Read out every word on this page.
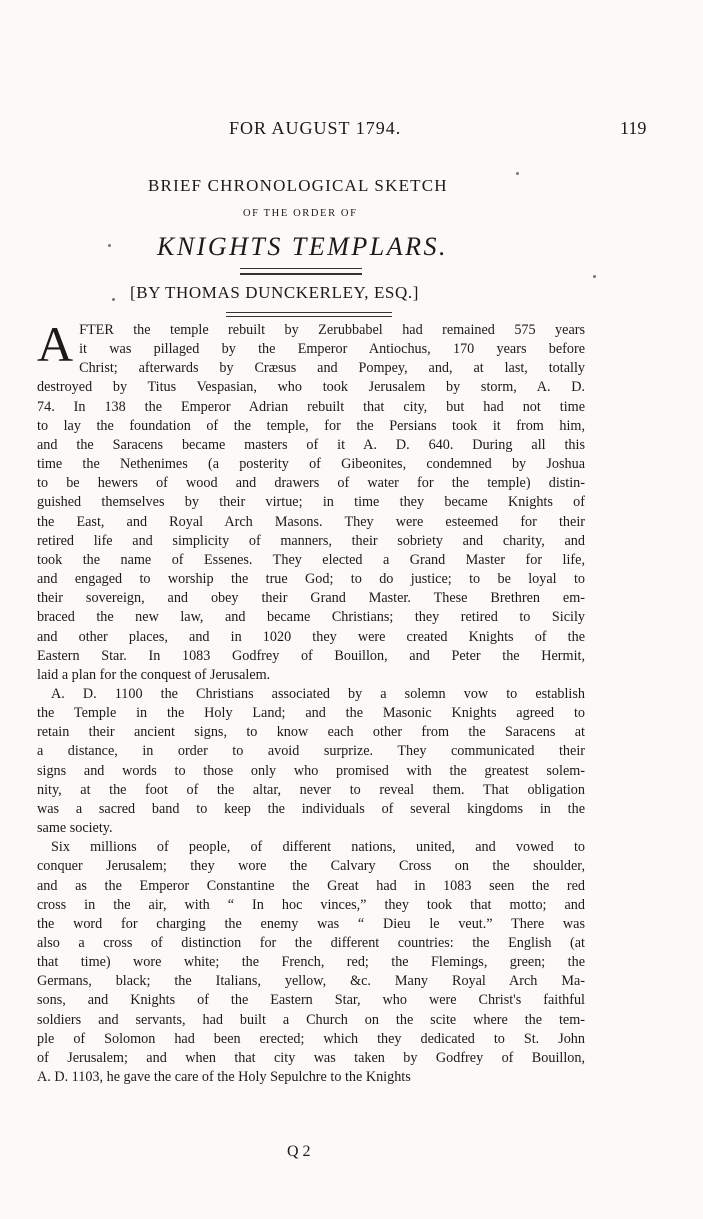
FOR AUGUST 1794.	119
BRIEF CHRONOLOGICAL SKETCH
OF THE ORDER OF
KNIGHTS TEMPLARS.
[BY THOMAS DUNCKERLEY, ESQ.]
A FTER the temple rebuilt by Zerubbabel had remained 575 years
it was pillaged by the Emperor Antiochus, 170 years before
Christ; afterwards by Cræsus and Pompey, and, at last, totally
destroyed by Titus Vespasian, who took Jerusalem by storm, A. D.
74. In 138 the Emperor Adrian rebuilt that city, but had not time
to lay the foundation of the temple, for the Persians took it from him,
and the Saracens became masters of it A. D. 640. During all this
time the Nethenimes (a posterity of Gibeonites, condemned by Joshua
to be hewers of wood and drawers of water for the temple) distin-
guished themselves by their virtue; in time they became Knights of
the East, and Royal Arch Masons. They were esteemed for their
retired life and simplicity of manners, their sobriety and charity, and
took the name of Essenes. They elected a Grand Master for life,
and engaged to worship the true God; to do justice; to be loyal to
their sovereign, and obey their Grand Master. These Brethren em-
braced the new law, and became Christians; they retired to Sicily
and other places, and in 1020 they were created Knights of the
Eastern Star. In 1083 Godfrey of Bouillon, and Peter the Hermit,
laid a plan for the conquest of Jerusalem.
A. D. 1100 the Christians associated by a solemn vow to establish
the Temple in the Holy Land; and the Masonic Knights agreed to
retain their ancient signs, to know each other from the Saracens at
a distance, in order to avoid surprize. They communicated their
signs and words to those only who promised with the greatest solem-
nity, at the foot of the altar, never to reveal them. That obligation
was a sacred band to keep the individuals of several kingdoms in the
same society.
Six millions of people, of different nations, united, and vowed to
conquer Jerusalem; they wore the Calvary Cross on the shoulder,
and as the Emperor Constantine the Great had in 1083 seen the red
cross in the air, with “ In hoc vinces,” they took that motto; and
the word for charging the enemy was “ Dieu le veut.” There was
also a cross of distinction for the different countries: the English (at
that time) wore white; the French, red; the Flemings, green; the
Germans, black; the Italians, yellow, &c. Many Royal Arch Ma-
sons, and Knights of the Eastern Star, who were Christ's faithful
soldiers and servants, had built a Church on the scite where the tem-
ple of Solomon had been erected; which they dedicated to St. John
of Jerusalem; and when that city was taken by Godfrey of Bouillon,
A. D. 1103, he gave the care of the Holy Sepulchre to the Knights
Q 2
